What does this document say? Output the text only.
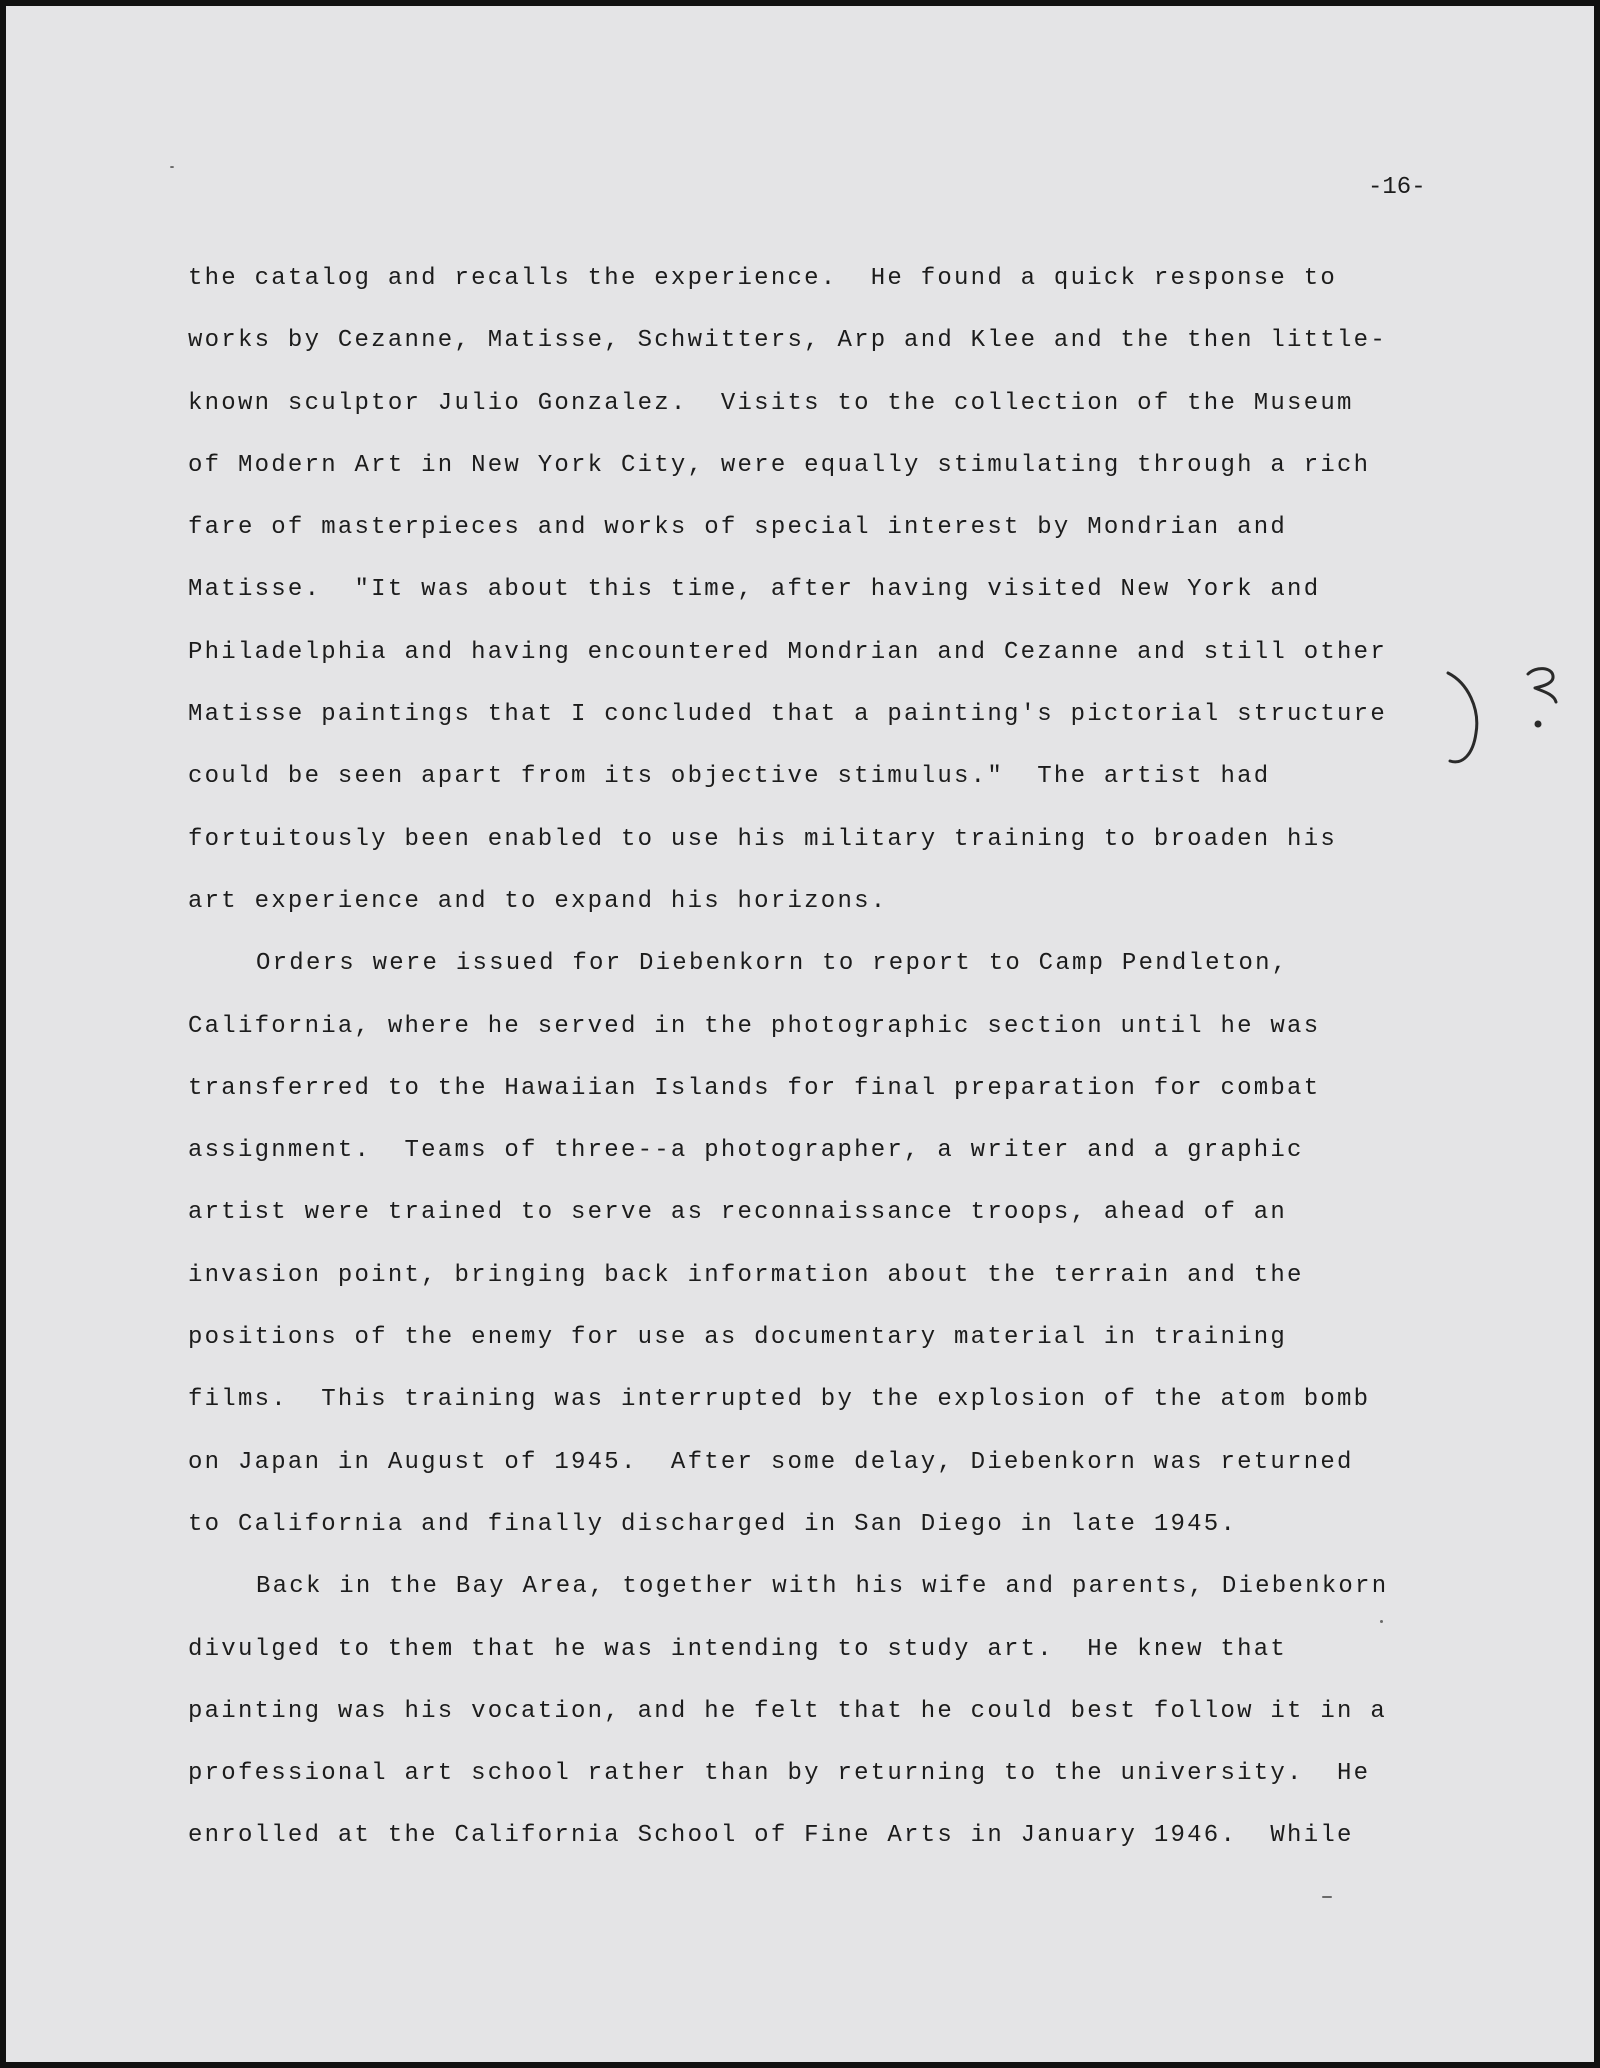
-16-
the catalog and recalls the experience.  He found a quick response to
works by Cezanne, Matisse, Schwitters, Arp and Klee and the then little-
known sculptor Julio Gonzalez.  Visits to the collection of the Museum
of Modern Art in New York City, were equally stimulating through a rich
fare of masterpieces and works of special interest by Mondrian and
Matisse.  "It was about this time, after having visited New York and
Philadelphia and having encountered Mondrian and Cezanne and still other
Matisse paintings that I concluded that a painting's pictorial structure
could be seen apart from its objective stimulus."  The artist had
fortuitously been enabled to use his military training to broaden his
art experience and to expand his horizons.
Orders were issued for Diebenkorn to report to Camp Pendleton,
California, where he served in the photographic section until he was
transferred to the Hawaiian Islands for final preparation for combat
assignment.  Teams of three--a photographer, a writer and a graphic
artist were trained to serve as reconnaissance troops, ahead of an
invasion point, bringing back information about the terrain and the
positions of the enemy for use as documentary material in training
films.  This training was interrupted by the explosion of the atom bomb
on Japan in August of 1945.  After some delay, Diebenkorn was returned
to California and finally discharged in San Diego in late 1945.
Back in the Bay Area, together with his wife and parents, Diebenkorn
divulged to them that he was intending to study art.  He knew that
painting was his vocation, and he felt that he could best follow it in a
professional art school rather than by returning to the university.  He
enrolled at the California School of Fine Arts in January 1946.  While
